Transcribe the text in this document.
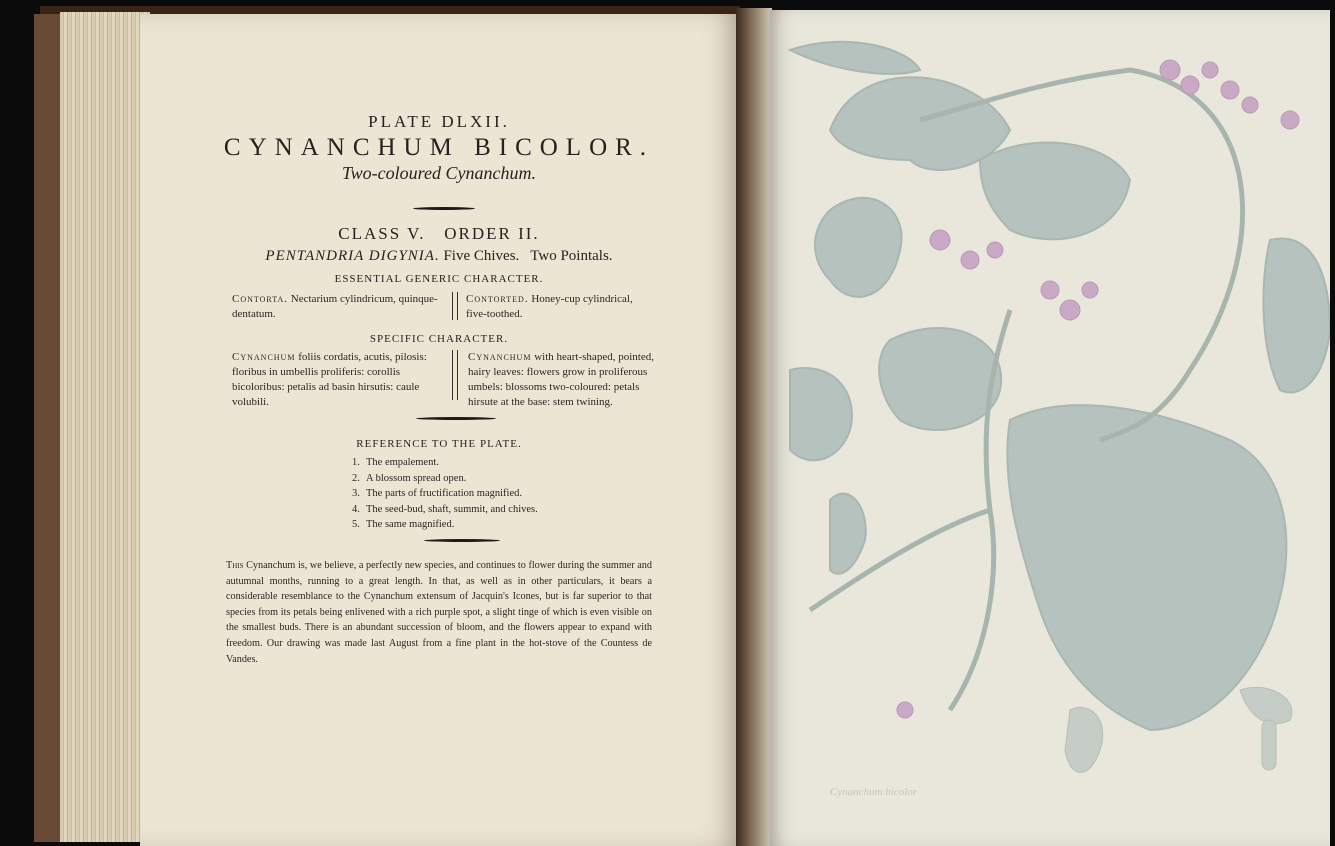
PLATE DLXII.
CYNANCHUM BICOLOR.
Two-coloured Cynanchum.
CLASS V.   ORDER II.
PENTANDRIA DIGYNIA. Five Chives.   Two Pointals.
ESSENTIAL GENERIC CHARACTER.
Contorta. Nectarium cylindricum, quinque-dentatum.
Contorted. Honey-cup cylindrical, five-toothed.
SPECIFIC CHARACTER.
Cynanchum foliis cordatis, acutis, pilosis: floribus in umbellis proliferis: corollis bicoloribus: petalis ad basin hirsutis: caule volubili.
Cynanchum with heart-shaped, pointed, hairy leaves: flowers grow in proliferous umbels: blossoms two-coloured: petals hirsute at the base: stem twining.
REFERENCE TO THE PLATE.
1. The empalement.
2. A blossom spread open.
3. The parts of fructification magnified.
4. The seed-bud, shaft, summit, and chives.
5. The same magnified.
This Cynanchum is, we believe, a perfectly new species, and continues to flower during the summer and autumnal months, running to a great length. In that, as well as in other particulars, it bears a considerable resemblance to the Cynanchum extensum of Jacquin's Icones, but is far superior to that species from its petals being enlivened with a rich purple spot, a slight tinge of which is even visible on the smallest buds. There is an abundant succession of bloom, and the flowers appear to expand with freedom. Our drawing was made last August from a fine plant in the hot-stove of the Countess de Vandes.
Cynanchum bicolor
